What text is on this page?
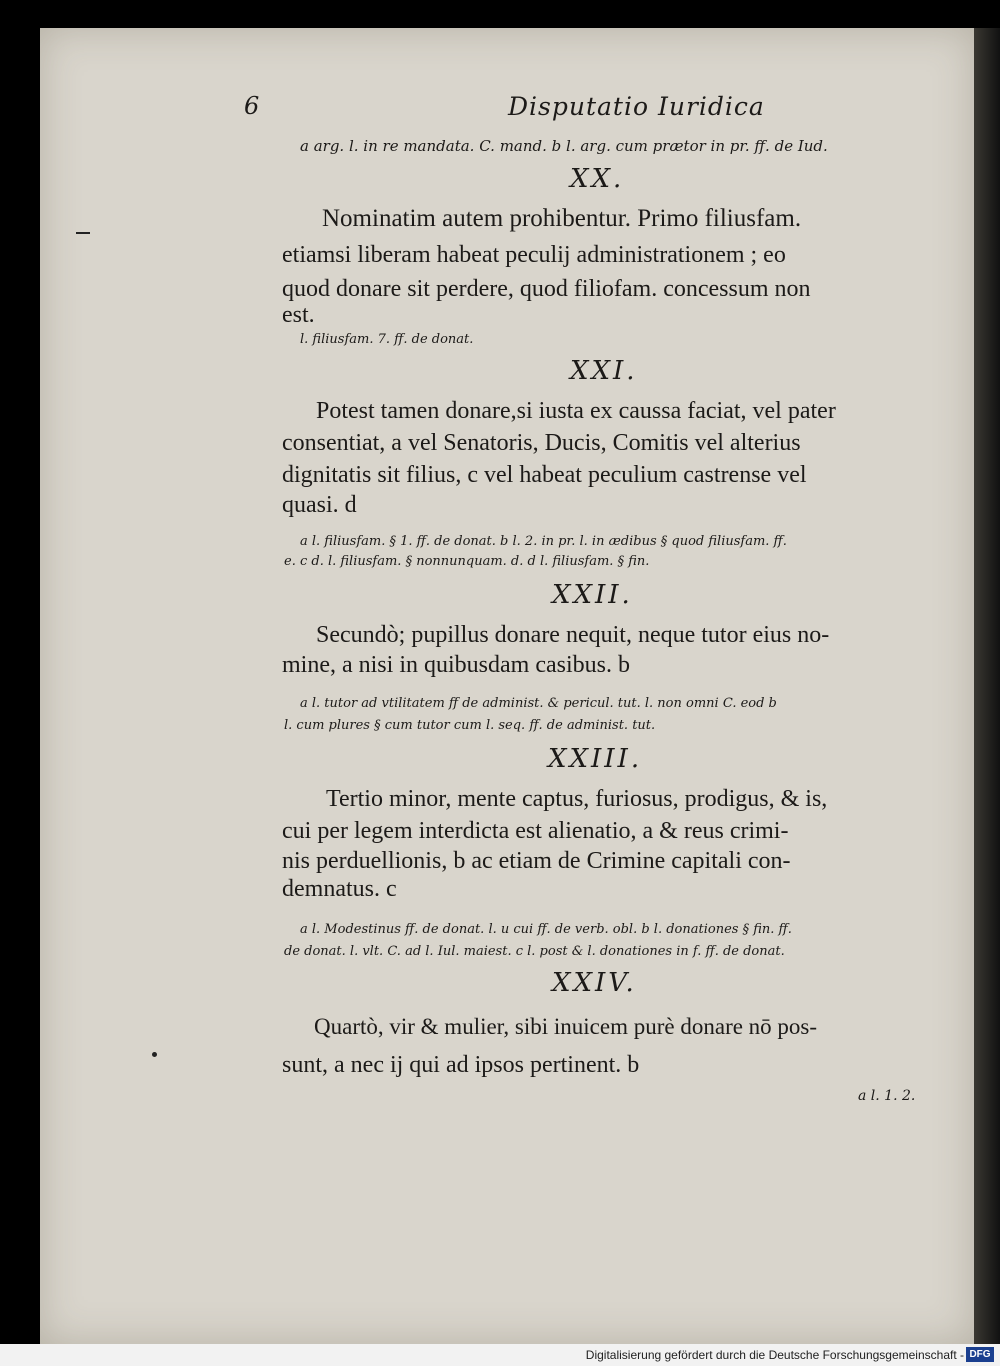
6	Disputatio Iuridica
a arg. l. in re mandata. C. mand. b l. arg. cum prætor in pr. ff. de Iud.
XX.
Nominatim autem prohibentur. Primo filiusfam.
etiamsi liberam habeat peculij administrationem ; eo
quod donare sit perdere, quod filiofam. concessum non
est.
l. filiusfam. 7. ff. de donat.
XXI.
Potest tamen donare,si iusta ex caussa faciat, vel pater
consentiat, a vel Senatoris, Ducis, Comitis vel alterius
dignitatis sit filius, c vel habeat peculium castrense vel
quasi. d
a l. filiusfam. § 1. ff. de donat. b l. 2. in pr. l. in ædibus § quod filiusfam. ff.
e. c d. l. filiusfam. § nonnunquam. d. d l. filiusfam. § fin.
XXII.
Secundò; pupillus donare nequit, neque tutor eius no-
mine, a nisi in quibusdam casibus. b
a l. tutor ad vtilitatem ff de administ. & pericul. tut. l. non omni C. eod b
l. cum plures § cum tutor cum l. seq. ff. de administ. tut.
XXIII.
Tertio minor, mente captus, furiosus, prodigus, & is,
cui per legem interdicta est alienatio, a & reus crimi-
nis perduellionis, b ac etiam de Crimine capitali con-
demnatus. c
a l. Modestinus ff. de donat. l. u cui ff. de verb. obl. b l. donationes § fin. ff.
de donat. l. vlt. C. ad l. Iul. maiest. c l. post & l. donationes in f. ff. de donat.
XXIV.
Quartò, vir & mulier, sibi inuicem purè donare nō pos-
sunt, a nec ij qui ad ipsos pertinent. b
a l. 1. 2.
Digitalisierung gefördert durch die Deutsche Forschungsgemeinschaft - DFG
